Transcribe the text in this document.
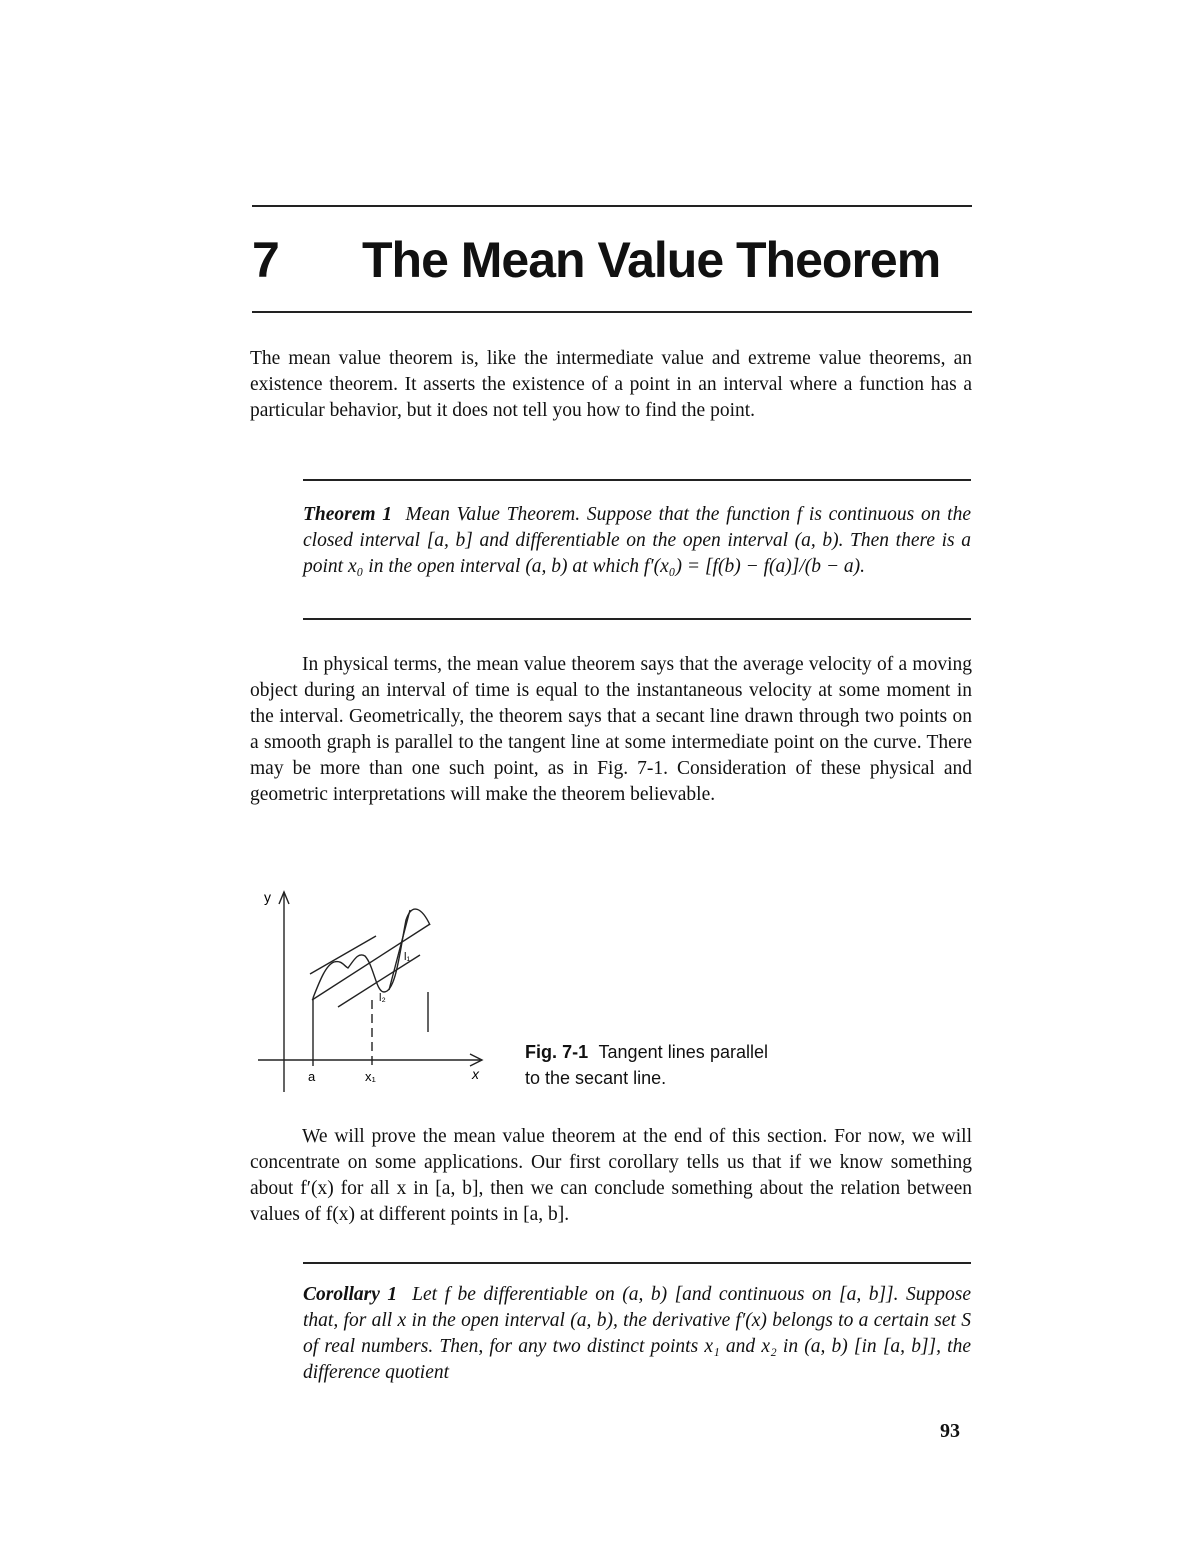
7 The Mean Value Theorem

The mean value theorem is, like the intermediate value and extreme value theorems, an existence theorem. It asserts the existence of a point in an interval where a function has a particular behavior, but it does not tell you how to find the point.

Theorem 1 Mean Value Theorem. Suppose that the function f is continuous on the closed interval [a, b] and differentiable on the open interval (a, b). Then there is a point x₀ in the open interval (a, b) at which f′(x₀) = [f(b) − f(a)]/(b − a).

In physical terms, the mean value theorem says that the average velocity of a moving object during an interval of time is equal to the instantaneous velocity at some moment in the interval. Geometrically, the theorem says that a secant line drawn through two points on a smooth graph is parallel to the tangent line at some intermediate point on the curve. There may be more than one such point, as in Fig. 7-1. Consideration of these physical and geometric interpretations will make the theorem believable.

y
x
a	x₁
l₁
l₂

Fig. 7-1 Tangent lines parallel to the secant line.

We will prove the mean value theorem at the end of this section. For now, we will concentrate on some applications. Our first corollary tells us that if we know something about f′(x) for all x in [a, b], then we can conclude something about the relation between values of f(x) at different points in [a, b].

Corollary 1 Let f be differentiable on (a, b) [and continuous on [a, b]]. Suppose that, for all x in the open interval (a, b), the derivative f′(x) belongs to a certain set S of real numbers. Then, for any two distinct points x₁ and x₂ in (a, b) [in [a, b]], the difference quotient

93
